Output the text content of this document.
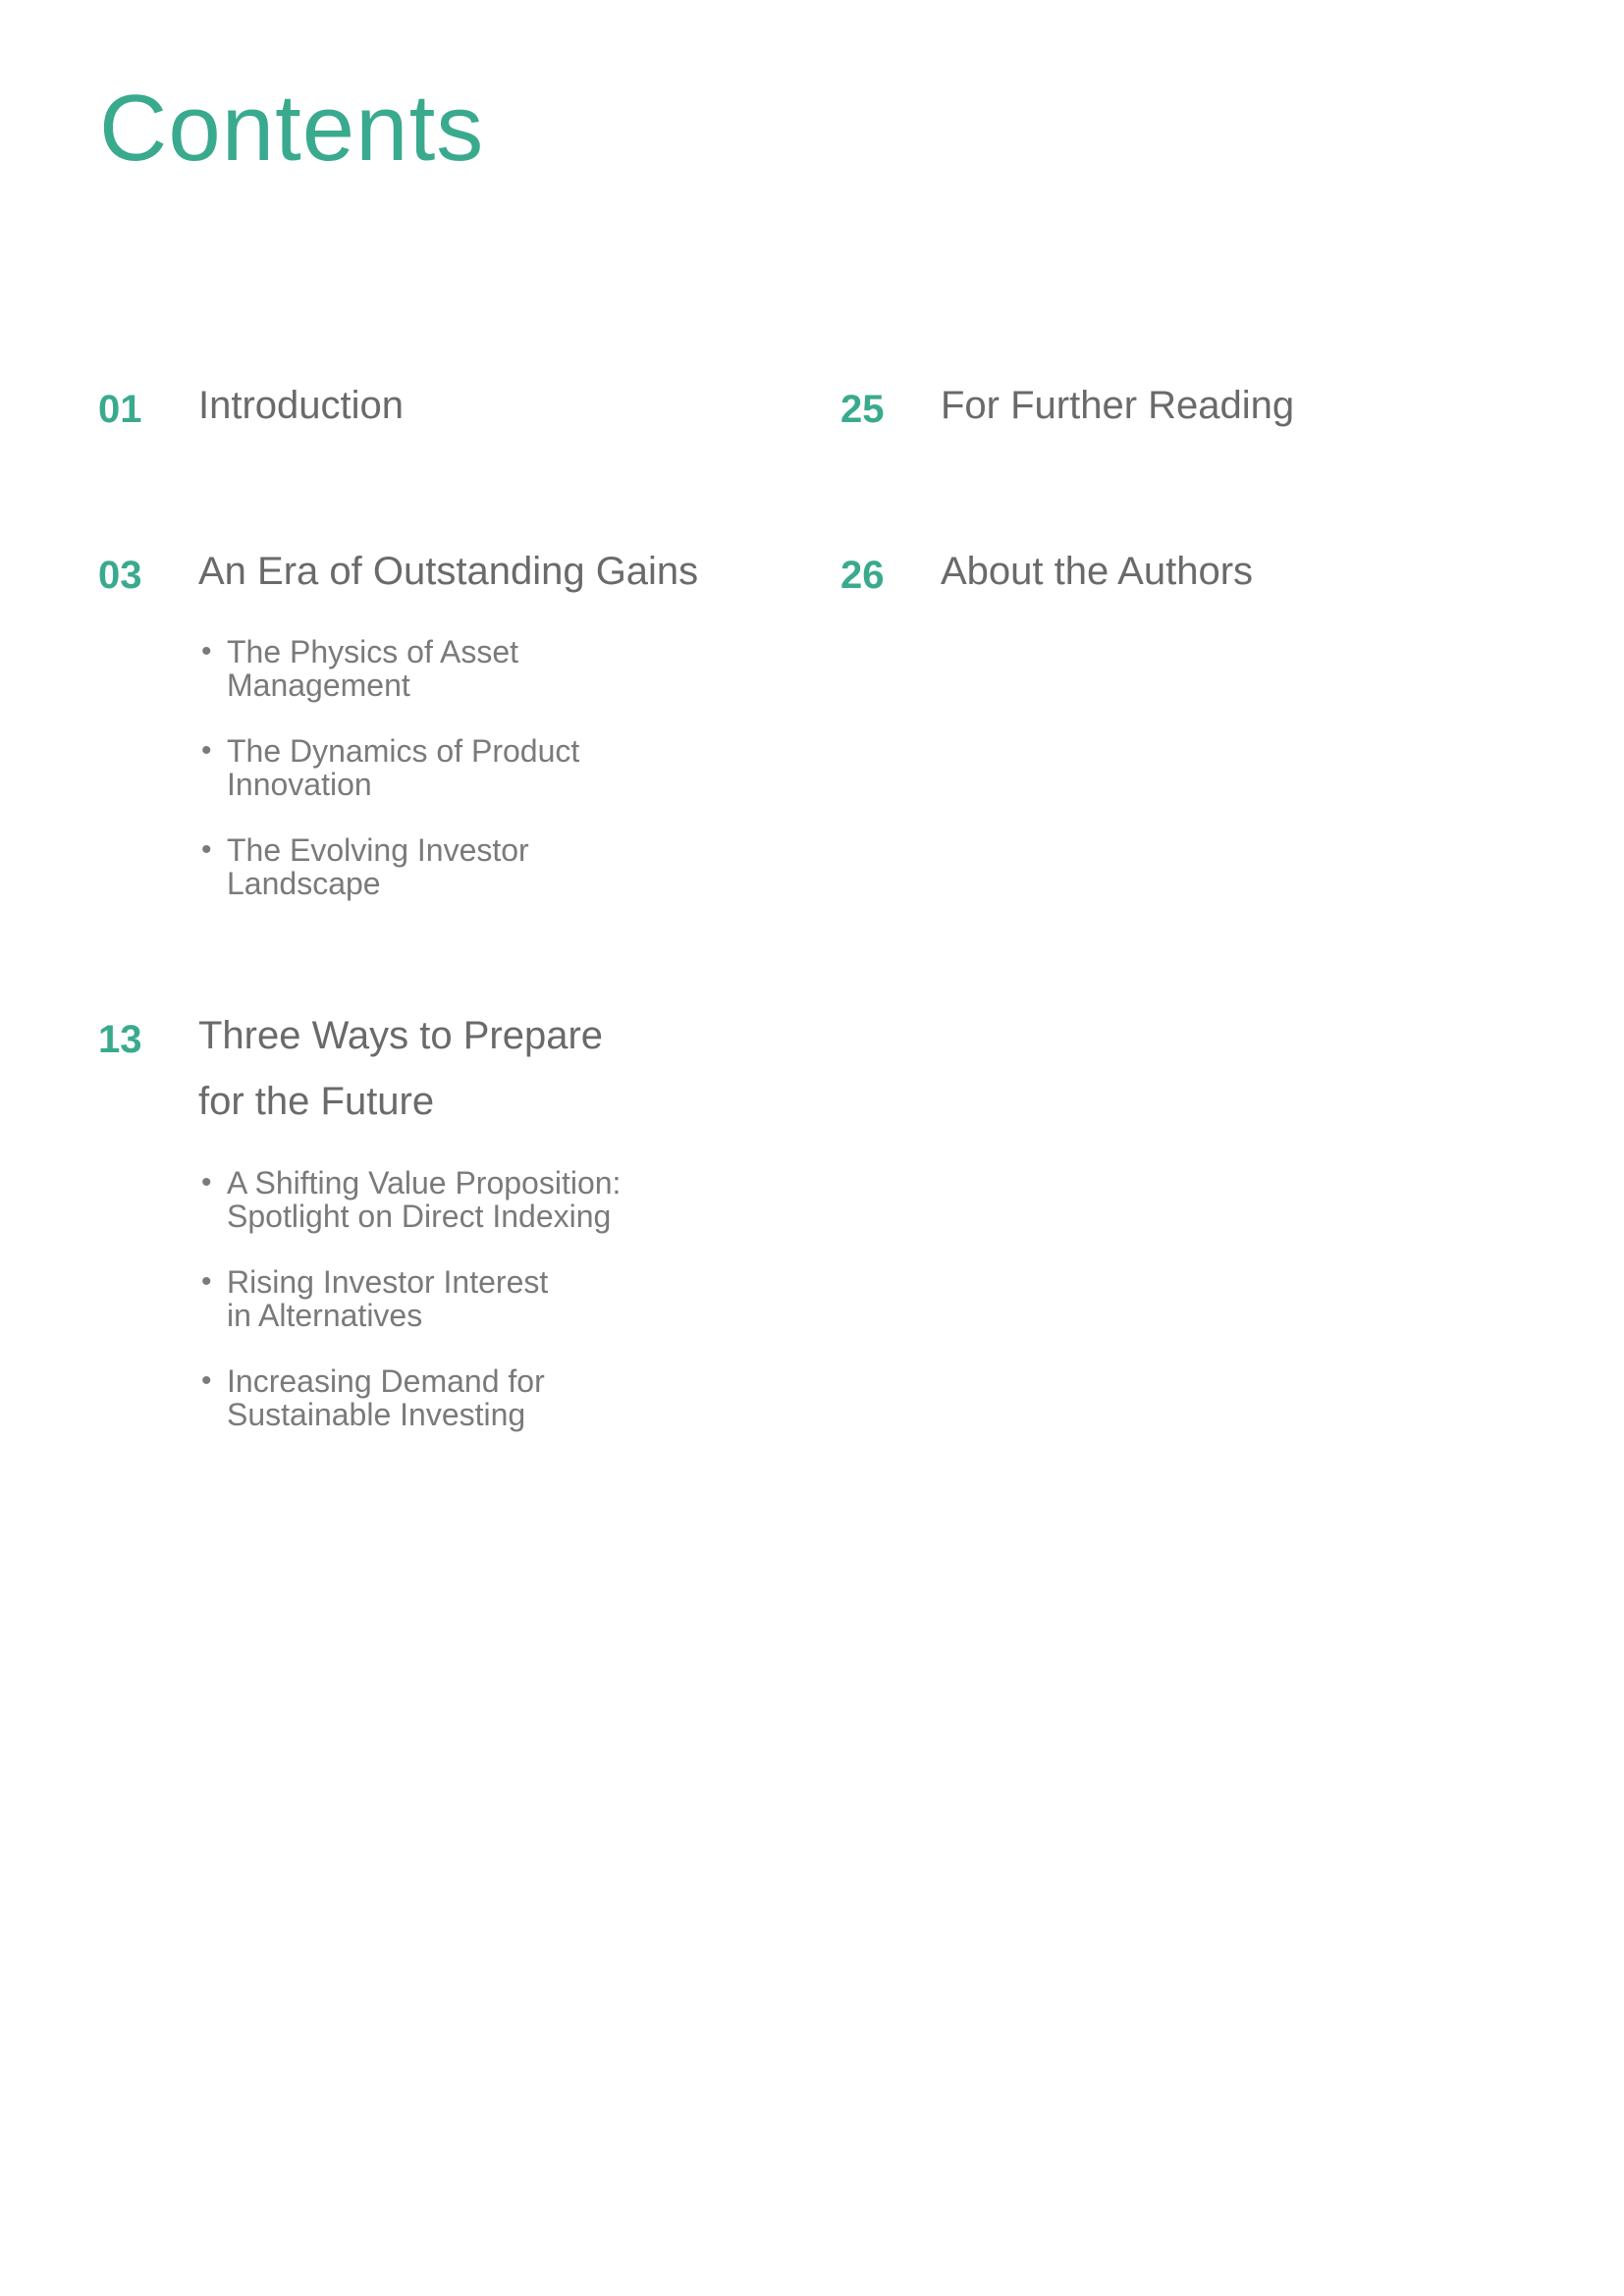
Contents
01 Introduction
03 An Era of Outstanding Gains
• The Physics of Asset
Management
• The Dynamics of Product
Innovation
• The Evolving Investor
Landscape
13 Three Ways to Prepare
for the Future
• A Shifting Value Proposition:
Spotlight on Direct Indexing
• Rising Investor Interest
in Alternatives
• Increasing Demand for
Sustainable Investing
25 For Further Reading
26 About the Authors
